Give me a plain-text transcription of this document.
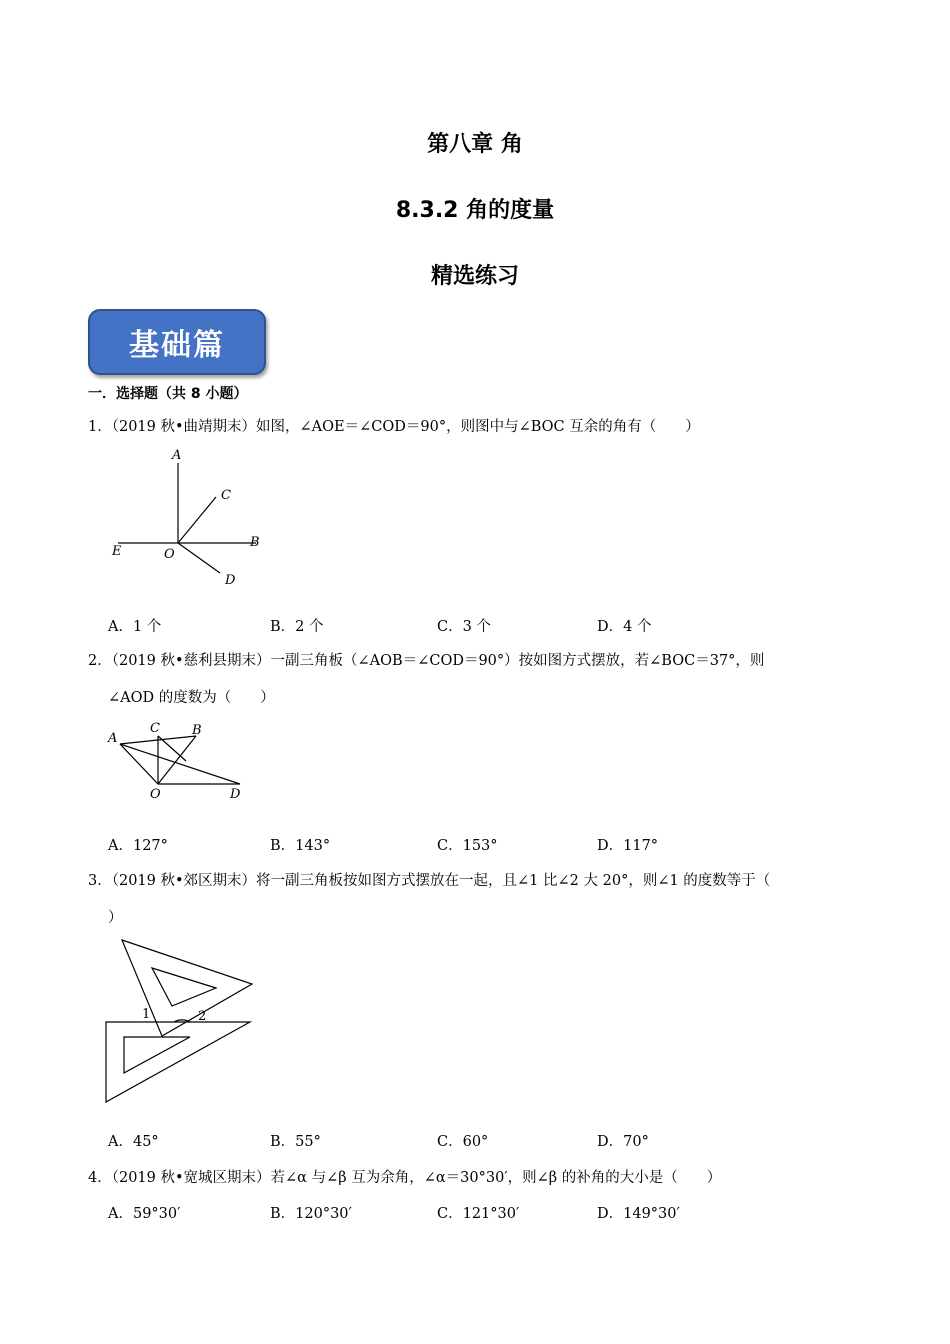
第八章 角
8.3.2 角的度量
精选练习
基础篇
一．选择题（共 8 小题）
1．（2019 秋•曲靖期末）如图，∠AOE＝∠COD＝90°，则图中与∠BOC 互余的角有（　　）
A
C
B
E	O
D
A．1 个	B．2 个	C．3 个	D．4 个
2．（2019 秋•慈利县期末）一副三角板（∠AOB＝∠COD＝90°）按如图方式摆放，若∠BOC＝37°，则
∠AOD 的度数为（　　）
A
C B
O	D
A．127°	B．143°	C．153°	D．117°
3．（2019 秋•郊区期末）将一副三角板按如图方式摆放在一起，且∠1 比∠2 大 20°，则∠1 的度数等于（
）
1	2
A．45°	B．55°	C．60°	D．70°
4．（2019 秋•宽城区期末）若∠α 与∠β 互为余角，∠α＝30°30′，则∠β 的补角的大小是（　　）
A．59°30′	B．120°30′	C．121°30′	D．149°30′
